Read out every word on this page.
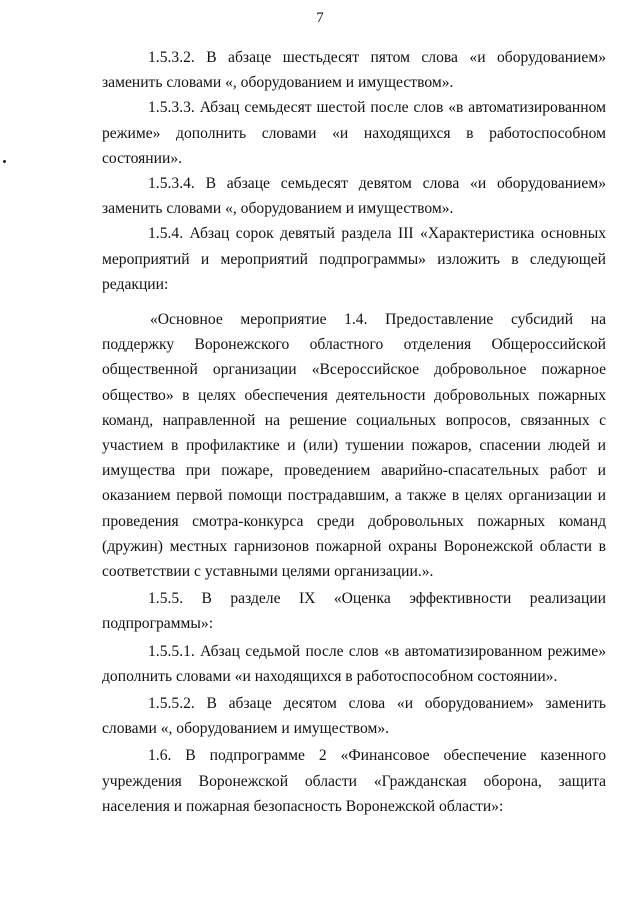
7

1.5.3.2. В абзаце шестьдесят пятом слова «и оборудованием» заменить словами «, оборудованием и имуществом».

1.5.3.3. Абзац семьдесят шестой после слов «в автоматизированном режиме» дополнить словами «и находящихся в работоспособном состоянии».

1.5.3.4. В абзаце семьдесят девятом слова «и оборудованием» заменить словами «, оборудованием и имуществом».

1.5.4. Абзац сорок девятый раздела III «Характеристика основных мероприятий и мероприятий подпрограммы» изложить в следующей редакции:

«Основное мероприятие 1.4. Предоставление субсидий на поддержку Воронежского областного отделения Общероссийской общественной организации «Всероссийское добровольное пожарное общество» в целях обеспечения деятельности добровольных пожарных команд, направленной на решение социальных вопросов, связанных с участием в профилактике и (или) тушении пожаров, спасении людей и имущества при пожаре, проведением аварийно-спасательных работ и оказанием первой помощи пострадавшим, а также в целях организации и проведения смотра-конкурса среди добровольных пожарных команд (дружин) местных гарнизонов пожарной охраны Воронежской области в соответствии с уставными целями организации.».

1.5.5. В разделе IX «Оценка эффективности реализации подпрограммы»:

1.5.5.1. Абзац седьмой после слов «в автоматизированном режиме» дополнить словами «и находящихся в работоспособном состоянии».

1.5.5.2. В абзаце десятом слова «и оборудованием» заменить словами «, оборудованием и имуществом».

1.6. В подпрограмме 2 «Финансовое обеспечение казенного учреждения Воронежской области «Гражданская оборона, защита населения и пожарная безопасность Воронежской области»:
